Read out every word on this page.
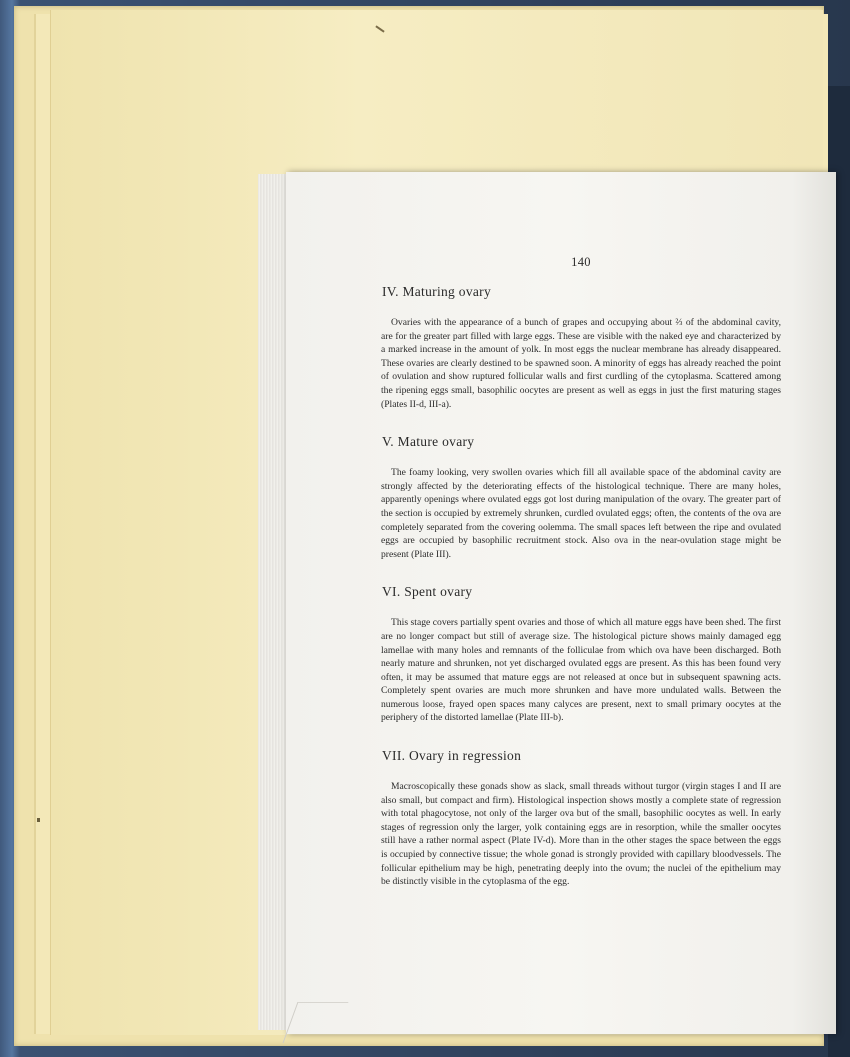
140
IV. Maturing ovary

Ovaries with the appearance of a bunch of grapes and occupying about ⅔ of the abdominal cavity, are for the greater part filled with large eggs. These are visible with the naked eye and characterized by a marked increase in the amount of yolk. In most eggs the nuclear membrane has already disappeared. These ovaries are clearly destined to be spawned soon. A minority of eggs has already reached the point of ovulation and show ruptured follicular walls and first curdling of the cytoplasma. Scattered among the ripening eggs small, basophilic oocytes are present as well as eggs in just the first maturing stages (Plates II-d, III-a).

V. Mature ovary

The foamy looking, very swollen ovaries which fill all available space of the abdominal cavity are strongly affected by the deteriorating effects of the histological technique. There are many holes, apparently openings where ovulated eggs got lost during manipulation of the ovary. The greater part of the section is occupied by extremely shrunken, curdled ovulated eggs; often, the contents of the ova are completely separated from the covering oolemma. The small spaces left between the ripe and ovulated eggs are occupied by basophilic recruitment stock. Also ova in the near-ovulation stage might be present (Plate III).

VI. Spent ovary

This stage covers partially spent ovaries and those of which all mature eggs have been shed. The first are no longer compact but still of average size. The histological picture shows mainly damaged egg lamellae with many holes and remnants of the folliculae from which ova have been discharged. Both nearly mature and shrunken, not yet discharged ovulated eggs are present. As this has been found very often, it may be assumed that mature eggs are not released at once but in subsequent spawning acts. Completely spent ovaries are much more shrunken and have more undulated walls. Between the numerous loose, frayed open spaces many calyces are present, next to small primary oocytes at the periphery of the distorted lamellae (Plate III-b).

VII. Ovary in regression

Macroscopically these gonads show as slack, small threads without turgor (virgin stages I and II are also small, but compact and firm). Histological inspection shows mostly a complete state of regression with total phagocytose, not only of the larger ova but of the small, basophilic oocytes as well. In early stages of regression only the larger, yolk containing eggs are in resorption, while the smaller oocytes still have a rather normal aspect (Plate IV-d). More than in the other stages the space between the eggs is occupied by connective tissue; the whole gonad is strongly provided with capillary bloodvessels. The follicular epithelium may be high, penetrating deeply into the ovum; the nuclei of the epithelium may be distinctly visible in the cytoplasma of the egg.
